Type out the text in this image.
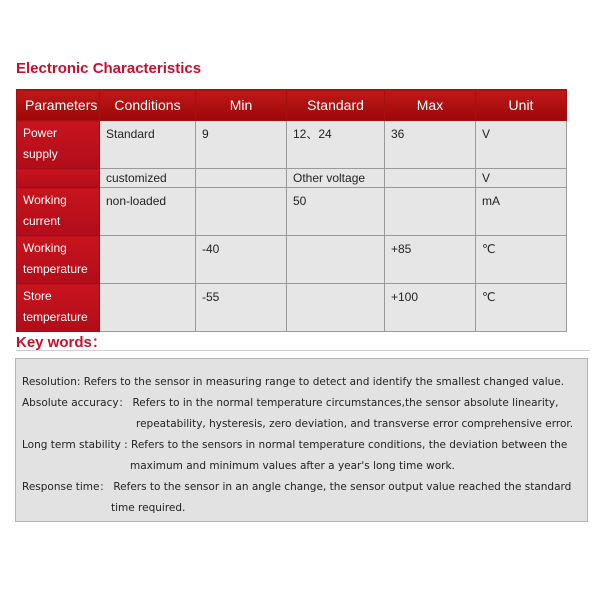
Electronic Characteristics
Parameters	Conditions	Min	Standard	Max	Unit
Power
supply	Standard	9	12、24	36	V
	customized		Other voltage		V
Working
current	non-loaded		50		mA
Working
temperature		-40		+85	℃
Store
temperature		-55		+100	℃
Key words：
Resolution: Refers to the sensor in measuring range to detect and identify the smallest changed value.
Absolute accuracy： Refers to in the normal temperature circumstances,the sensor absolute linearity,
repeatability, hysteresis, zero deviation, and transverse error comprehensive error.
Long term stability : Refers to the sensors in normal temperature conditions, the deviation between the
maximum and minimum values after a year's long time work.
Response time： Refers to the sensor in an angle change, the sensor output value reached the standard
time required.
